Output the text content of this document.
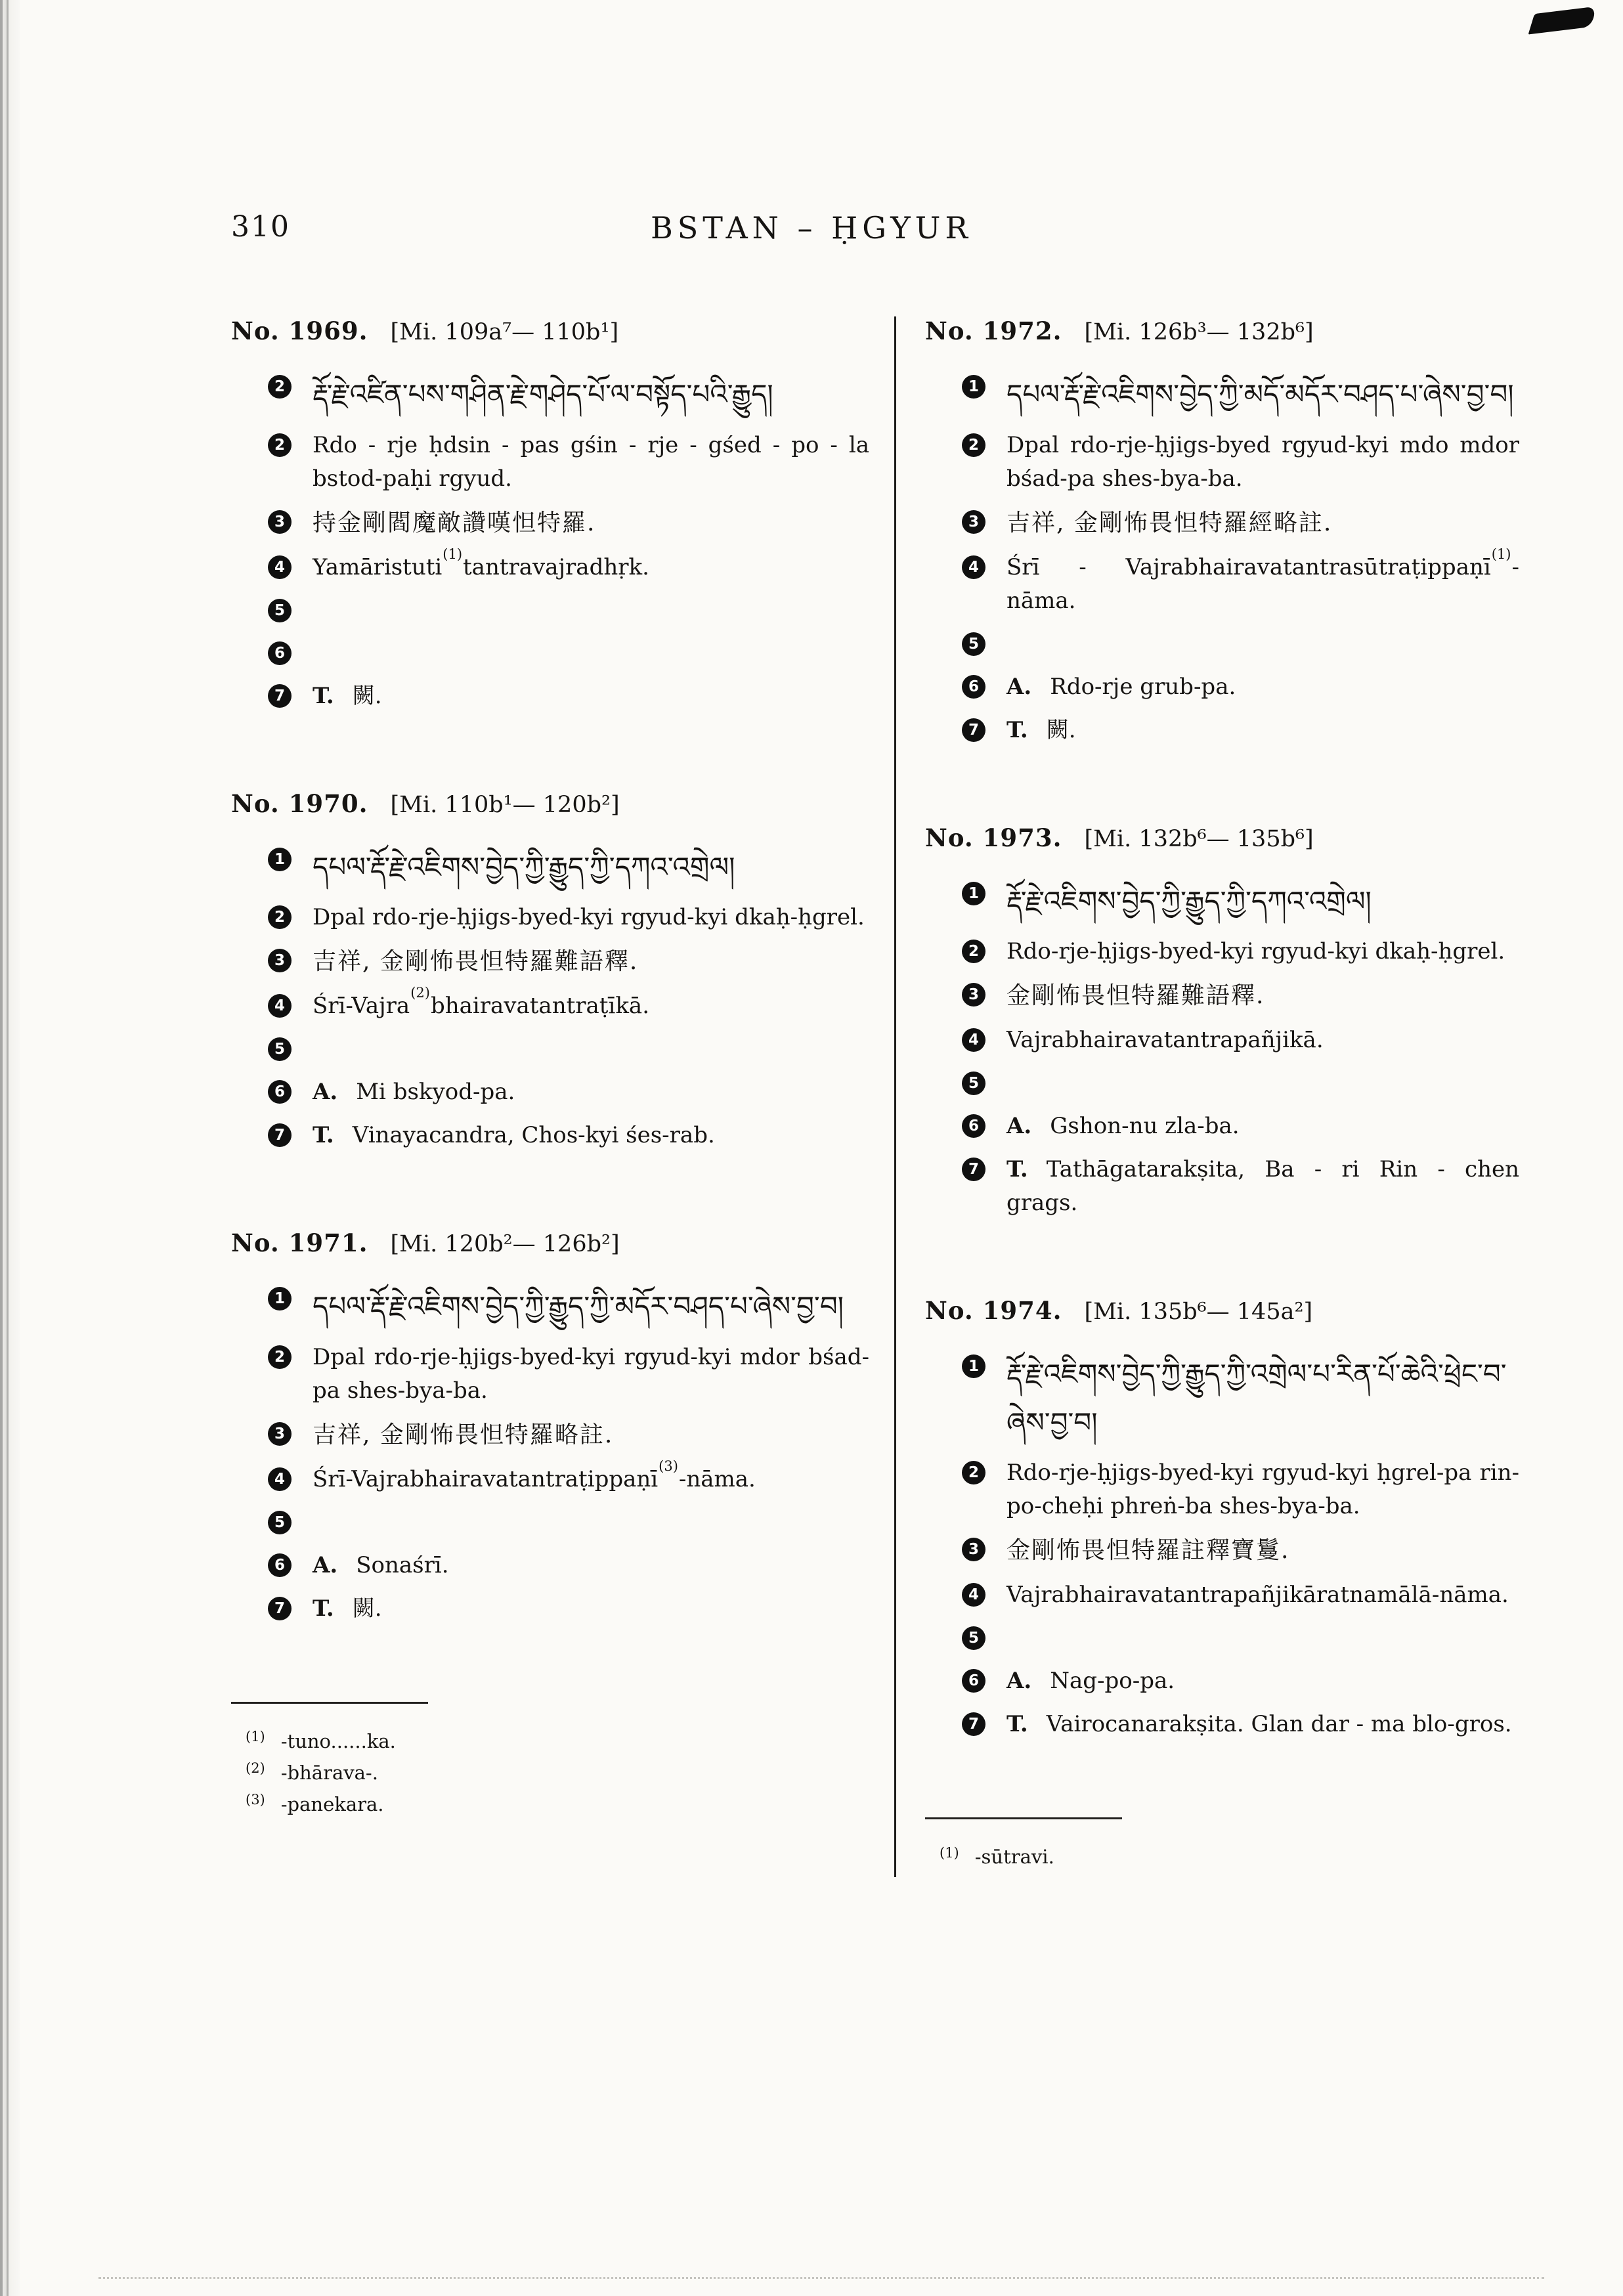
310	BSTAN – ḤGYUR
No. 1969. [Mi. 109a⁷— 110b¹]
2 རྡོ་རྗེ་འཛིན་པས་གཤིན་རྗེ་གཤེད་པོ་ལ་བསྟོད་པའི་རྒྱུད།
2 Rdo - rje ḥdsin - pas gśin - rje - gśed - po - la bstod-paḥi rgyud.
3 持金剛閻魔敵讚嘆怛特羅.
4 Yamāristuti$^{(1)}$tantravajradhṛk.
5
6
7 T. 闕.
No. 1970. [Mi. 110b¹— 120b²]
1 དཔལ་རྡོ་རྗེ་འཇིགས་བྱེད་ཀྱི་རྒྱུད་ཀྱི་དཀའ་འགྲེལ།
2 Dpal rdo-rje-ḥjigs-byed-kyi rgyud-kyi dkaḥ-ḥgrel.
3 吉祥, 金剛怖畏怛特羅難語釋.
4 Śrī-Vajra$^{(2)}$bhairavatantraṭīkā.
5
6 A. Mi bskyod-pa.
7 T. Vinayacandra, Chos-kyi śes-rab.
No. 1971. [Mi. 120b²— 126b²]
1 དཔལ་རྡོ་རྗེ་འཇིགས་བྱེད་ཀྱི་རྒྱུད་ཀྱི་མདོར་བཤད་པ་ཞེས་བྱ་བ།
2 Dpal rdo-rje-ḥjigs-byed-kyi rgyud-kyi mdor bśad-pa shes-bya-ba.
3 吉祥, 金剛怖畏怛特羅略註.
4 Śrī-Vajrabhairavatantraṭippaṇī$^{(3)}$-nāma.
5
6 A. Sonaśrī.
7 T. 闕.
$^{(1)}$ -tuno......ka.
$^{(2)}$ -bhārava-.
$^{(3)}$ -panekara.
No. 1972. [Mi. 126b³— 132b⁶]
1 དཔལ་རྡོ་རྗེ་འཇིགས་བྱེད་ཀྱི་མདོ་མདོར་བཤད་པ་ཞེས་བྱ་བ།
2 Dpal rdo-rje-ḥjigs-byed rgyud-kyi mdo mdor bśad-pa shes-bya-ba.
3 吉祥, 金剛怖畏怛特羅經略註.
4 Śrī - Vajrabhairavatantrasūtraṭippaṇī$^{(1)}$-nāma.
5
6 A. Rdo-rje grub-pa.
7 T. 闕.
No. 1973. [Mi. 132b⁶— 135b⁶]
1 རྡོ་རྗེ་འཇིགས་བྱེད་ཀྱི་རྒྱུད་ཀྱི་དཀའ་འགྲེལ།
2 Rdo-rje-ḥjigs-byed-kyi rgyud-kyi dkaḥ-ḥgrel.
3 金剛怖畏怛特羅難語釋.
4 Vajrabhairavatantrapañjikā.
5
6 A. Gshon-nu zla-ba.
7 T. Tathāgatarakṣita, Ba - ri Rin - chen grags.
No. 1974. [Mi. 135b⁶— 145a²]
1 རྡོ་རྗེ་འཇིགས་བྱེད་ཀྱི་རྒྱུད་ཀྱི་འགྲེལ་པ་རིན་པོ་ཆེའི་ཕྲེང་བ་ཞེས་བྱ་བ།
2 Rdo-rje-ḥjigs-byed-kyi rgyud-kyi ḥgrel-pa rin-po-cheḥi phreṅ-ba shes-bya-ba.
3 金剛怖畏怛特羅註釋寶鬘.
4 Vajrabhairavatantrapañjikāratnamālā-nāma.
5
6 A. Nag-po-pa.
7 T. Vairocanarakṣita. Glan dar - ma blo-gros.
$^{(1)}$ -sūtravi.
